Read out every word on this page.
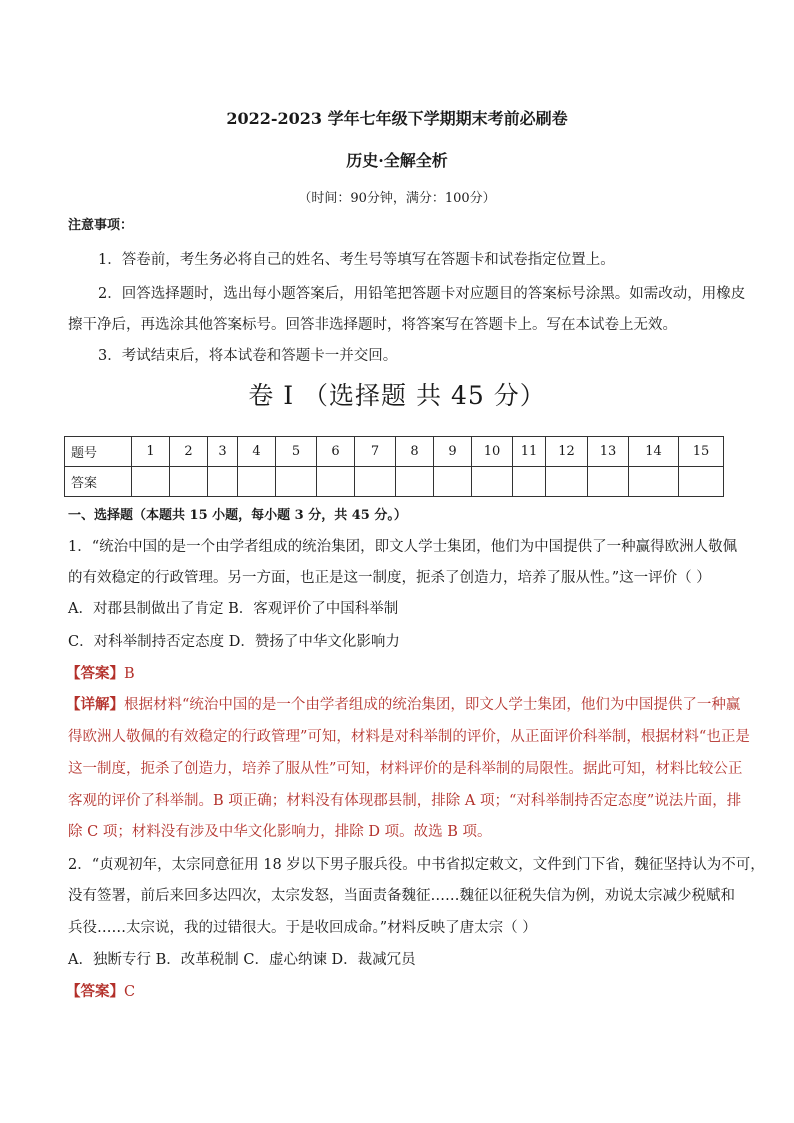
2022-2023 学年七年级下学期期末考前必刷卷
历史·全解全析
（时间：90分钟，满分：100分）
注意事项：
1．答卷前，考生务必将自己的姓名、考生号等填写在答题卡和试卷指定位置上。
2．回答选择题时，选出每小题答案后，用铅笔把答题卡对应题目的答案标号涂黑。如需改动，用橡皮
擦干净后，再选涂其他答案标号。回答非选择题时，将答案写在答题卡上。写在本试卷上无效。
3．考试结束后，将本试卷和答题卡一并交回。
卷 I （选择题 共 45 分）
题号	1	2	3	4	5	6	7	8	9	10	11	12	13	14	15
答案															
一、选择题（本题共 15 小题，每小题 3 分，共 45 分。）
1．“统治中国的是一个由学者组成的统治集团，即文人学士集团，他们为中国提供了一种赢得欧洲人敬佩
的有效稳定的行政管理。另一方面，也正是这一制度，扼杀了创造力，培养了服从性。”这一评价（ ）
A．对郡县制做出了肯定 B．客观评价了中国科举制
C．对科举制持否定态度 D．赞扬了中华文化影响力
【答案】B
【详解】根据材料“统治中国的是一个由学者组成的统治集团，即文人学士集团，他们为中国提供了一种赢
得欧洲人敬佩的有效稳定的行政管理”可知，材料是对科举制的评价，从正面评价科举制，根据材料“也正是
这一制度，扼杀了创造力，培养了服从性”可知，材料评价的是科举制的局限性。据此可知，材料比较公正
客观的评价了科举制。B 项正确；材料没有体现郡县制，排除 A 项；“对科举制持否定态度”说法片面，排
除 C 项；材料没有涉及中华文化影响力，排除 D 项。故选 B 项。
2．“贞观初年，太宗同意征用 18 岁以下男子服兵役。中书省拟定敕文，文件到门下省，魏征坚持认为不可，
没有签署，前后来回多达四次，太宗发怒，当面责备魏征……魏征以征税失信为例，劝说太宗减少税赋和
兵役……太宗说，我的过错很大。于是收回成命。”材料反映了唐太宗（ ）
A．独断专行 B．改革税制 C．虚心纳谏 D．裁减冗员
【答案】C
